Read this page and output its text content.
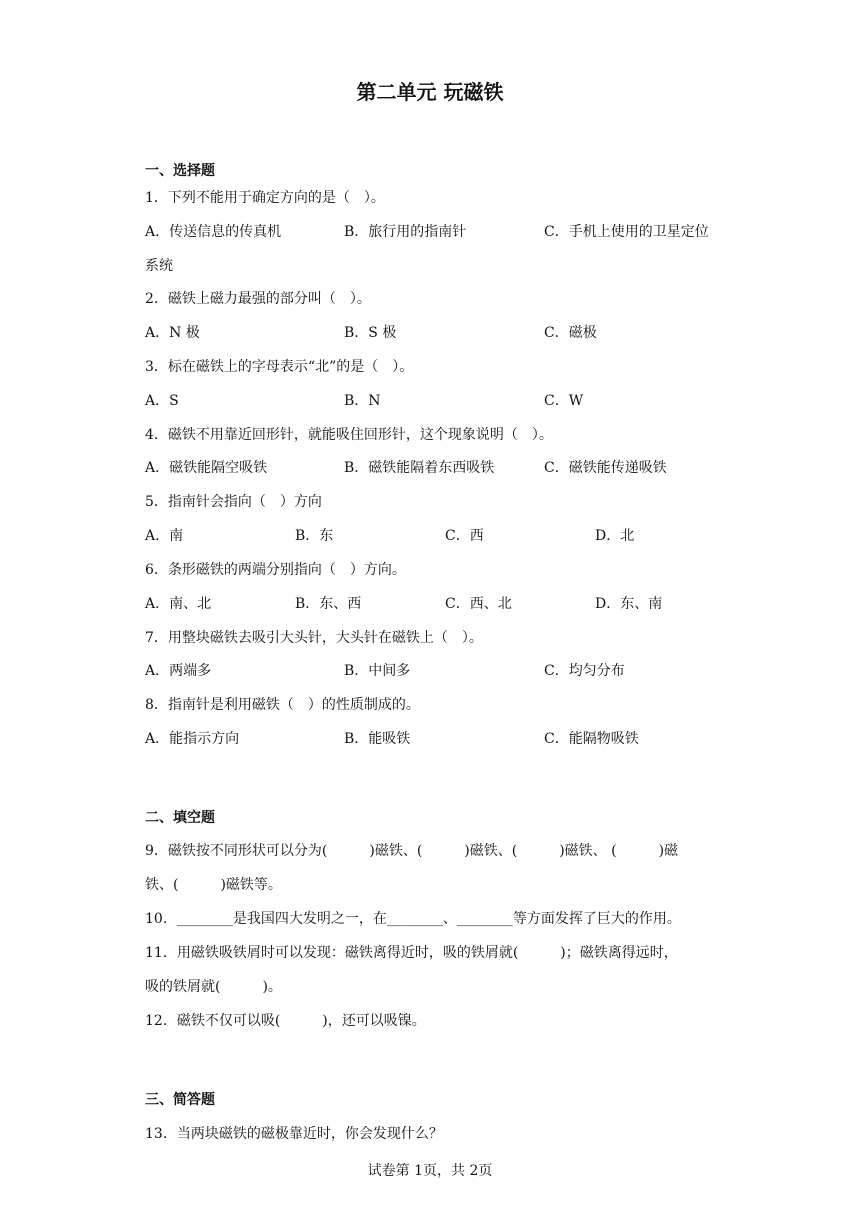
第二单元 玩磁铁
一、选择题
1．下列不能用于确定方向的是（　）。
A．传送信息的传真机	B．旅行用的指南针	C．手机上使用的卫星定位
系统
2．磁铁上磁力最强的部分叫（　）。
A．N 极	B．S 极	C．磁极
3．标在磁铁上的字母表示“北”的是（　）。
A．S	B．N	C．W
4．磁铁不用靠近回形针，就能吸住回形针，这个现象说明（　）。
A．磁铁能隔空吸铁	B．磁铁能隔着东西吸铁	C．磁铁能传递吸铁
5．指南针会指向（　）方向
A．南	B．东	C．西	D．北
6．条形磁铁的两端分别指向（　）方向。
A．南、北	B．东、西	C．西、北	D．东、南
7．用整块磁铁去吸引大头针，大头针在磁铁上（　）。
A．两端多	B．中间多	C．均匀分布
8．指南针是利用磁铁（　）的性质制成的。
A．能指示方向	B．能吸铁	C．能隔物吸铁
二、填空题
9．磁铁按不同形状可以分为(　　　)磁铁、(　　　)磁铁、(　　　)磁铁、 (　　　)磁
铁、(　　　)磁铁等。
10．________是我国四大发明之一，在________、________等方面发挥了巨大的作用。
11．用磁铁吸铁屑时可以发现：磁铁离得近时，吸的铁屑就(　　　)；磁铁离得远时，
吸的铁屑就(　　　)。
12．磁铁不仅可以吸(　　　)，还可以吸镍。
三、简答题
13．当两块磁铁的磁极靠近时，你会发现什么？
试卷第 1页，共 2页
